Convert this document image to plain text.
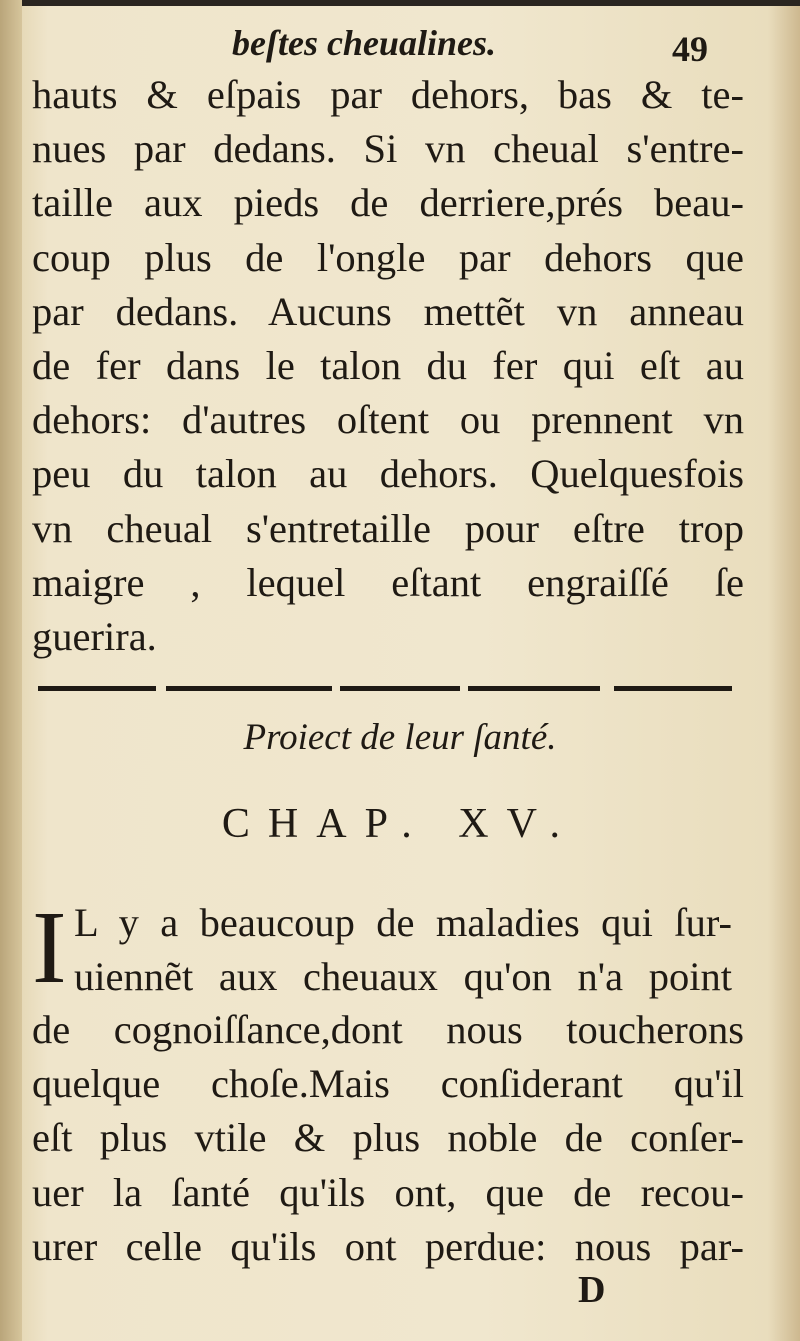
beſtes cheualines.	49
hauts & eſpais par dehors, bas & te-
nues par dedans. Si vn cheual s'entre-
taille aux pieds de derriere,prés beau-
coup plus de l'ongle par dehors que
par dedans. Aucuns mettẽt vn anneau
de fer dans le talon du fer qui eſt au
dehors: d'autres oſtent ou prennent vn
peu du talon au dehors. Quelquesfois
vn cheual s'entretaille pour eſtre trop
maigre , lequel eſtant engraiſſé ſe
guerira.
Proiect de leur ſanté.
CHAP. XV.
I L y a beaucoup de maladies qui ſur-
uiennẽt aux cheuaux qu'on n'a point
de cognoiſſance,dont nous toucherons
quelque choſe.Mais conſiderant qu'il
eſt plus vtile & plus noble de conſer-
uer la ſanté qu'ils ont, que de recou-
urer celle qu'ils ont perdue: nous par-
D
